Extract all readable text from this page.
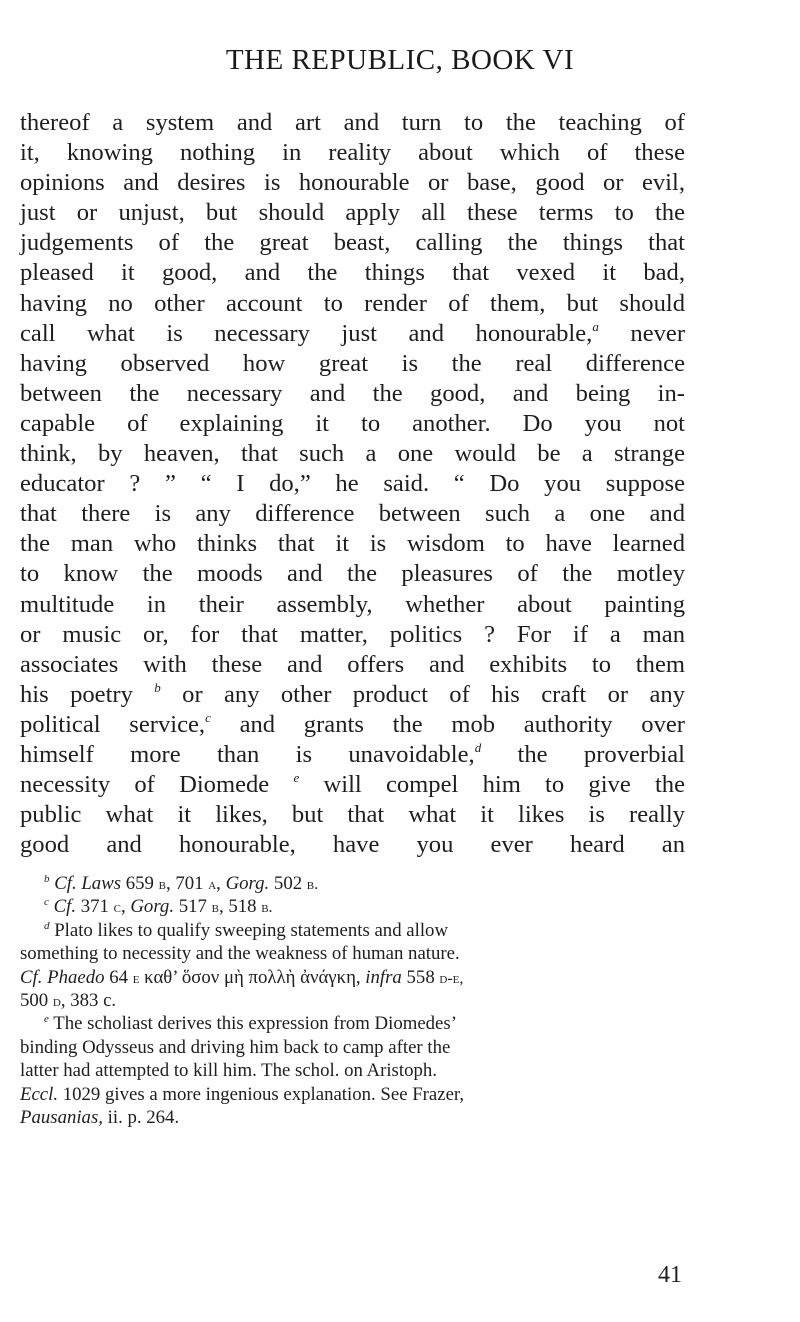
THE REPUBLIC, BOOK VI
thereof a system and art and turn to the teaching of
it, knowing nothing in reality about which of these
opinions and desires is honourable or base, good or evil,
just or unjust, but should apply all these terms to the
judgements of the great beast, calling the things that
pleased it good, and the things that vexed it bad,
having no other account to render of them, but should
call what is necessary just and honourable,$^a$ never
having observed how great is the real difference
between the necessary and the good, and being in-
capable of explaining it to another. Do you not
think, by heaven, that such a one would be a strange
educator ? ” “ I do,” he said. “ Do you suppose
that there is any difference between such a one and
the man who thinks that it is wisdom to have learned
to know the moods and the pleasures of the motley
multitude in their assembly, whether about painting
or music or, for that matter, politics ? For if a man
associates with these and offers and exhibits to them
his poetry $^b$ or any other product of his craft or any
political service,$^c$ and grants the mob authority over
himself more than is unavoidable,$^d$ the proverbial
necessity of Diomede $^e$ will compel him to give the
public what it likes, but that what it likes is really
good and honourable, have you ever heard an
$^b$ Cf. Laws 659 b, 701 a, Gorg. 502 b.
$^c$ Cf. 371 c, Gorg. 517 b, 518 b.
$^d$ Plato likes to qualify sweeping statements and allow
something to necessity and the weakness of human nature.
Cf. Phaedo 64 e καθ’ ὅσον μὴ πολλὴ ἀνάγκη, infra 558 d-e,
500 d, 383 c.
$^e$ The scholiast derives this expression from Diomedes’
binding Odysseus and driving him back to camp after the
latter had attempted to kill him. The schol. on Aristoph.
Eccl. 1029 gives a more ingenious explanation. See Frazer,
Pausanias, ii. p. 264.
41
